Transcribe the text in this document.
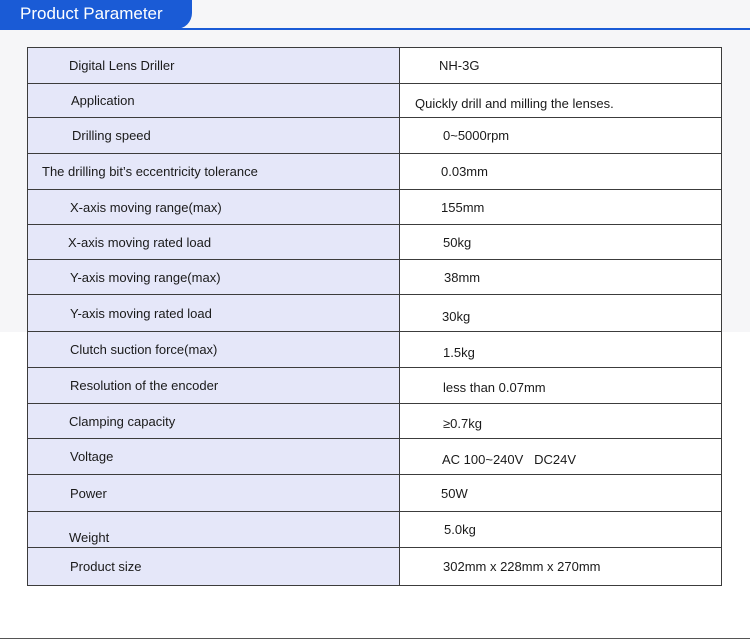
Product Parameter
Digital Lens Driller	NH-3G
Application	Quickly drill and milling the lenses.
Drilling speed	0~5000rpm
The drilling bit’s eccentricity tolerance	0.03mm
X-axis moving range(max)	155mm
X-axis moving rated load	50kg
Y-axis moving range(max)	38mm
Y-axis moving rated load	30kg
Clutch suction force(max)	1.5kg
Resolution of the encoder	less than 0.07mm
Clamping capacity	≥0.7kg
Voltage	AC 100~240V   DC24V
Power	50W
Weight	5.0kg
Product size	302mm x 228mm x 270mm
